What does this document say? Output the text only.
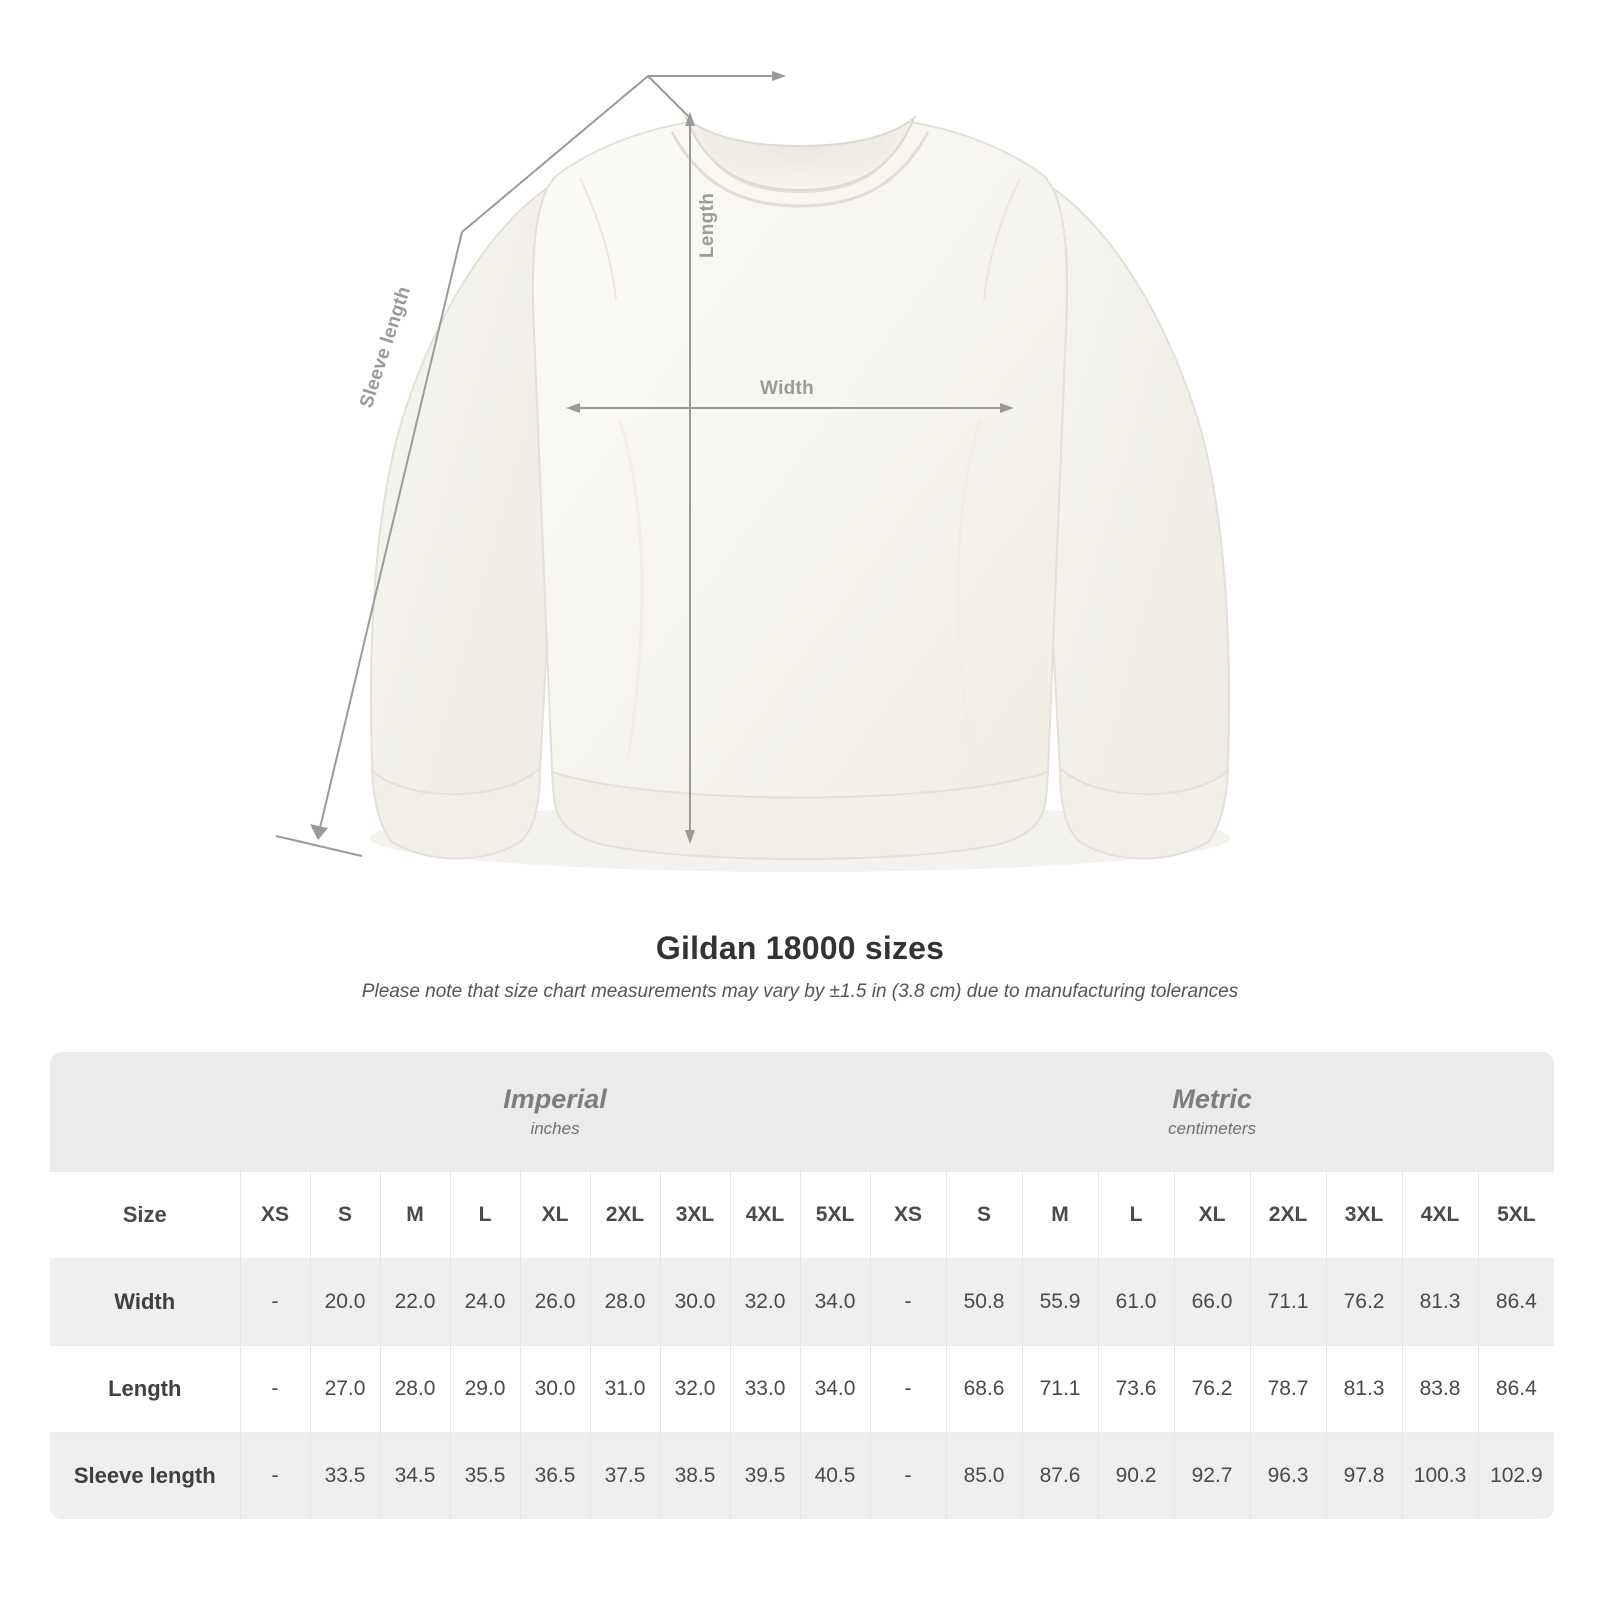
Length
Width
Sleeve length
Gildan 18000 sizes

Please note that size chart measurements may vary by ±1.5 in (3.8 cm) due to manufacturing tolerances

Imperial
inches

Metric
centimeters

Size	XS	S	M	L	XL	2XL	3XL	4XL	5XL	XS	S	M	L	XL	2XL	3XL	4XL	5XL
Width	-	20.0	22.0	24.0	26.0	28.0	30.0	32.0	34.0	-	50.8	55.9	61.0	66.0	71.1	76.2	81.3	86.4
Length	-	27.0	28.0	29.0	30.0	31.0	32.0	33.0	34.0	-	68.6	71.1	73.6	76.2	78.7	81.3	83.8	86.4
Sleeve length	-	33.5	34.5	35.5	36.5	37.5	38.5	39.5	40.5	-	85.0	87.6	90.2	92.7	96.3	97.8	100.3	102.9
